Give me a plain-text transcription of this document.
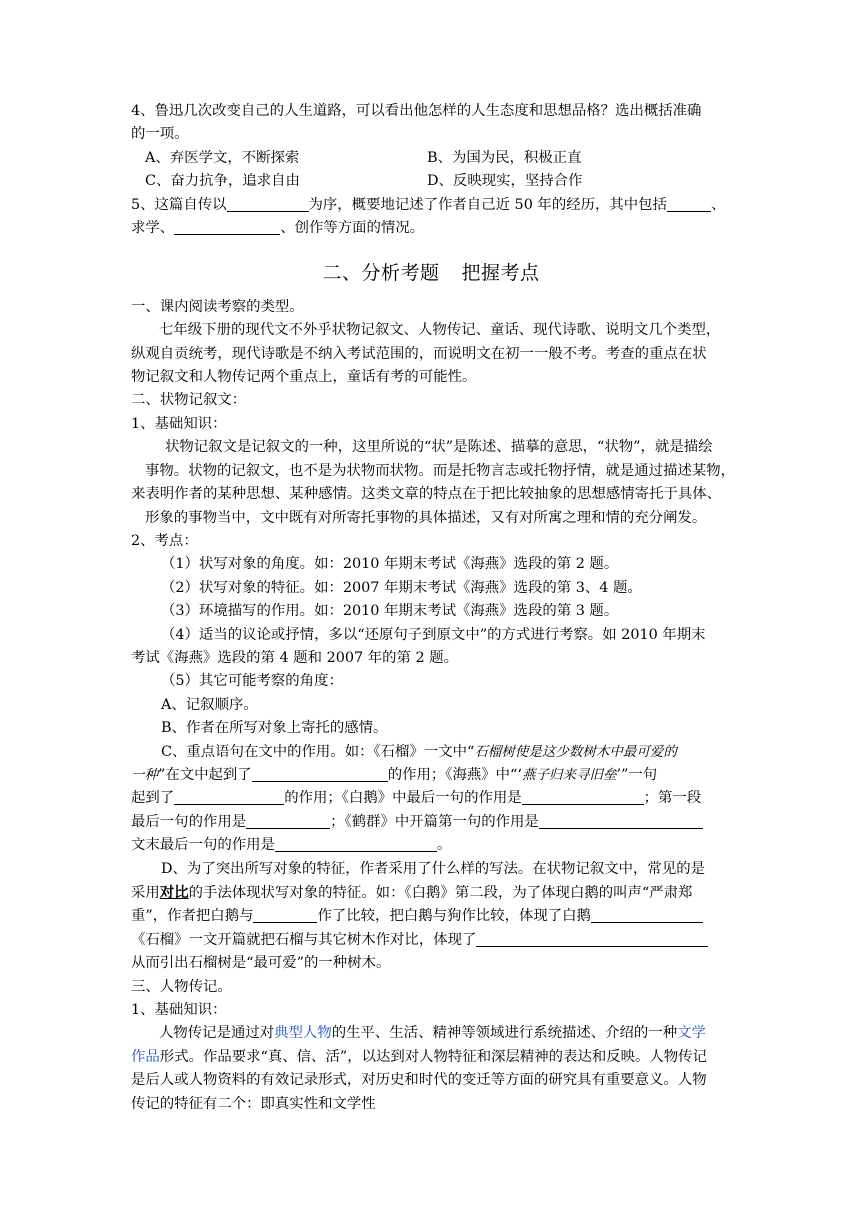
4、鲁迅几次改变自己的人生道路，可以看出他怎样的人生态度和思想品格？选出概括准确
的一项。
A、弃医学文，不断探索	B、为国为民，积极正直
C、奋力抗争，追求自由	D、反映现实，坚持合作
5、这篇自传以	为序，概要地记述了作者自己近 50 年的经历，其中包括	、
求学、	、创作等方面的情况。
二、分析考题 把握考点
一、课内阅读考察的类型。
七年级下册的现代文不外乎状物记叙文、人物传记、童话、现代诗歌、说明文几个类型，
纵观自贡统考，现代诗歌是不纳入考试范围的，而说明文在初一一般不考。考查的重点在状
物记叙文和人物传记两个重点上，童话有考的可能性。
二、状物记叙文：
1、基础知识：
状物记叙文是记叙文的一种，这里所说的“状”是陈述、描摹的意思，“状物”，就是描绘
事物。状物的记叙文，也不是为状物而状物。而是托物言志或托物抒情，就是通过描述某物，
来表明作者的某种思想、某种感情。这类文章的特点在于把比较抽象的思想感情寄托于具体、
形象的事物当中，文中既有对所寄托事物的具体描述，又有对所寓之理和情的充分阐发。
2、考点：
（1）状写对象的角度。如：2010 年期末考试《海燕》选段的第 2 题。
（2）状写对象的特征。如：2007 年期末考试《海燕》选段的第 3、4 题。
（3）环境描写的作用。如：2010 年期末考试《海燕》选段的第 3 题。
（4）适当的议论或抒情，多以“还原句子到原文中”的方式进行考察。如 2010 年期末
考试《海燕》选段的第 4 题和 2007 年的第 2 题。
（5）其它可能考察的角度：
A、记叙顺序。
B、作者在所写对象上寄托的感情。
C、重点语句在文中的作用。如：《石榴》一文中“石榴树使是这少数树木中最可爱的
一种”在文中起到了	的作用；《海燕》中“‘燕子归来寻旧垒’”一句
起到了	的作用；《白鹅》中最后一句的作用是	；第一段
最后一句的作用是	；《鹤群》中开篇第一句的作用是
文末最后一句的作用是	。
D、为了突出所写对象的特征，作者采用了什么样的写法。在状物记叙文中，常见的是
采用对比的手法体现状写对象的特征。如：《白鹅》第二段，为了体现白鹅的叫声“严肃郑
重”，作者把白鹅与	作了比较，把白鹅与狗作比较，体现了白鹅
《石榴》一文开篇就把石榴与其它树木作对比，体现了
从而引出石榴树是“最可爱”的一种树木。
三、人物传记。
1、基础知识：
人物传记是通过对典型人物的生平、生活、精神等领域进行系统描述、介绍的一种文学
作品形式。作品要求“真、信、活”，以达到对人物特征和深层精神的表达和反映。人物传记
是后人或人物资料的有效记录形式，对历史和时代的变迁等方面的研究具有重要意义。人物
传记的特征有二个：即真实性和文学性
